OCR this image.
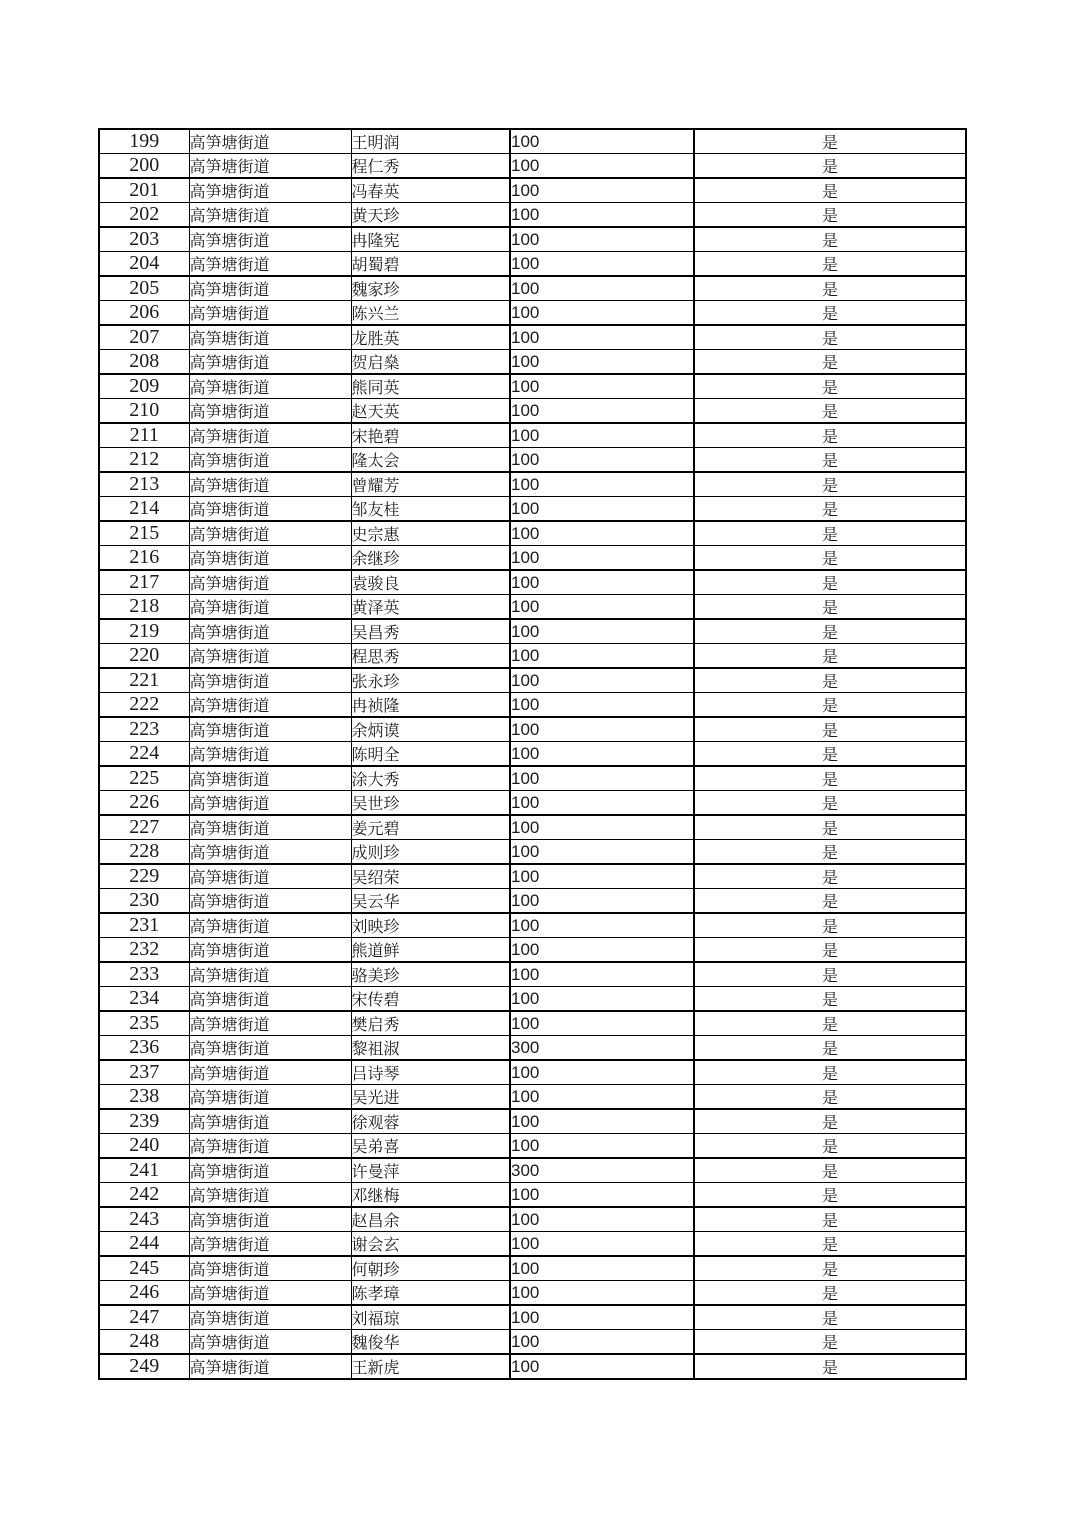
199	高笋塘街道	王明润	100	是
200	高笋塘街道	程仁秀	100	是
201	高笋塘街道	冯春英	100	是
202	高笋塘街道	黄天珍	100	是
203	高笋塘街道	冉隆宪	100	是
204	高笋塘街道	胡蜀碧	100	是
205	高笋塘街道	魏家珍	100	是
206	高笋塘街道	陈兴兰	100	是
207	高笋塘街道	龙胜英	100	是
208	高笋塘街道	贺启燊	100	是
209	高笋塘街道	熊同英	100	是
210	高笋塘街道	赵天英	100	是
211	高笋塘街道	宋艳碧	100	是
212	高笋塘街道	隆太会	100	是
213	高笋塘街道	曾耀芳	100	是
214	高笋塘街道	邹友桂	100	是
215	高笋塘街道	史宗惠	100	是
216	高笋塘街道	余继珍	100	是
217	高笋塘街道	袁骏良	100	是
218	高笋塘街道	黄泽英	100	是
219	高笋塘街道	吴昌秀	100	是
220	高笋塘街道	程思秀	100	是
221	高笋塘街道	张永珍	100	是
222	高笋塘街道	冉祯隆	100	是
223	高笋塘街道	余炳谟	100	是
224	高笋塘街道	陈明全	100	是
225	高笋塘街道	涂大秀	100	是
226	高笋塘街道	吴世珍	100	是
227	高笋塘街道	姜元碧	100	是
228	高笋塘街道	成则珍	100	是
229	高笋塘街道	吴绍荣	100	是
230	高笋塘街道	吴云华	100	是
231	高笋塘街道	刘映珍	100	是
232	高笋塘街道	熊道鲜	100	是
233	高笋塘街道	骆美珍	100	是
234	高笋塘街道	宋传碧	100	是
235	高笋塘街道	樊启秀	100	是
236	高笋塘街道	黎祖淑	300	是
237	高笋塘街道	吕诗琴	100	是
238	高笋塘街道	吴光进	100	是
239	高笋塘街道	徐观蓉	100	是
240	高笋塘街道	吴弟喜	100	是
241	高笋塘街道	许曼萍	300	是
242	高笋塘街道	邓继梅	100	是
243	高笋塘街道	赵昌余	100	是
244	高笋塘街道	谢会玄	100	是
245	高笋塘街道	何朝珍	100	是
246	高笋塘街道	陈孝璋	100	是
247	高笋塘街道	刘福琼	100	是
248	高笋塘街道	魏俊华	100	是
249	高笋塘街道	王新虎	100	是
